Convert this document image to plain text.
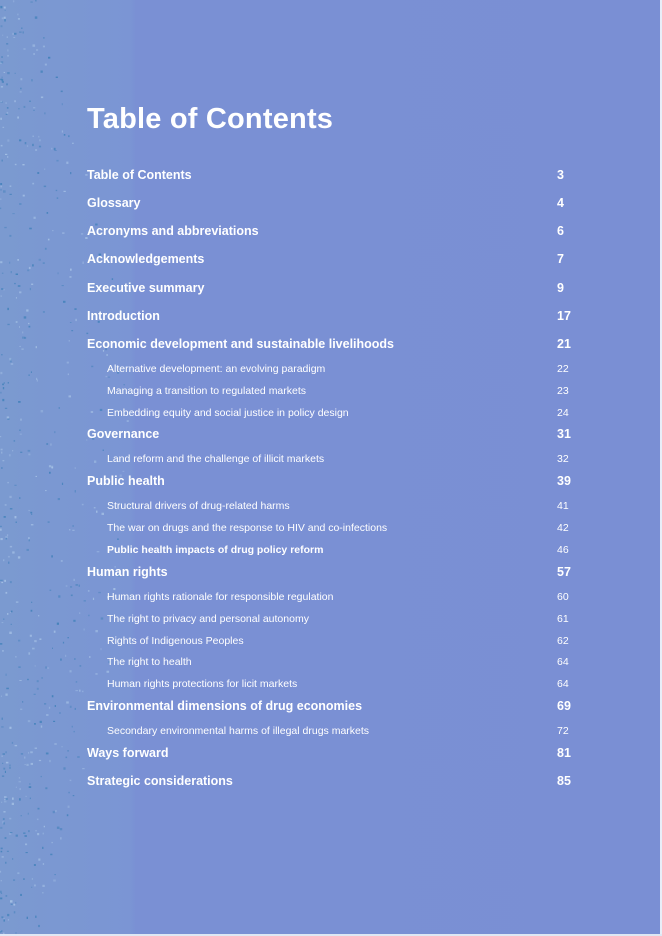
Table of Contents
Table of Contents	3
Glossary	4
Acronyms and abbreviations	6
Acknowledgements	7
Executive summary	9
Introduction	17
Economic development and sustainable livelihoods	21
Alternative development: an evolving paradigm	22
Managing a transition to regulated markets	23
Embedding equity and social justice in policy design	24
Governance	31
Land reform and the challenge of illicit markets	32
Public health	39
Structural drivers of drug-related harms	41
The war on drugs and the response to HIV and co-infections	42
Public health impacts of drug policy reform	46
Human rights	57
Human rights rationale for responsible regulation	60
The right to privacy and personal autonomy	61
Rights of Indigenous Peoples	62
The right to health	64
Human rights protections for licit markets	64
Environmental dimensions of drug economies	69
Secondary environmental harms of illegal drugs markets	72
Ways forward	81
Strategic considerations	85
